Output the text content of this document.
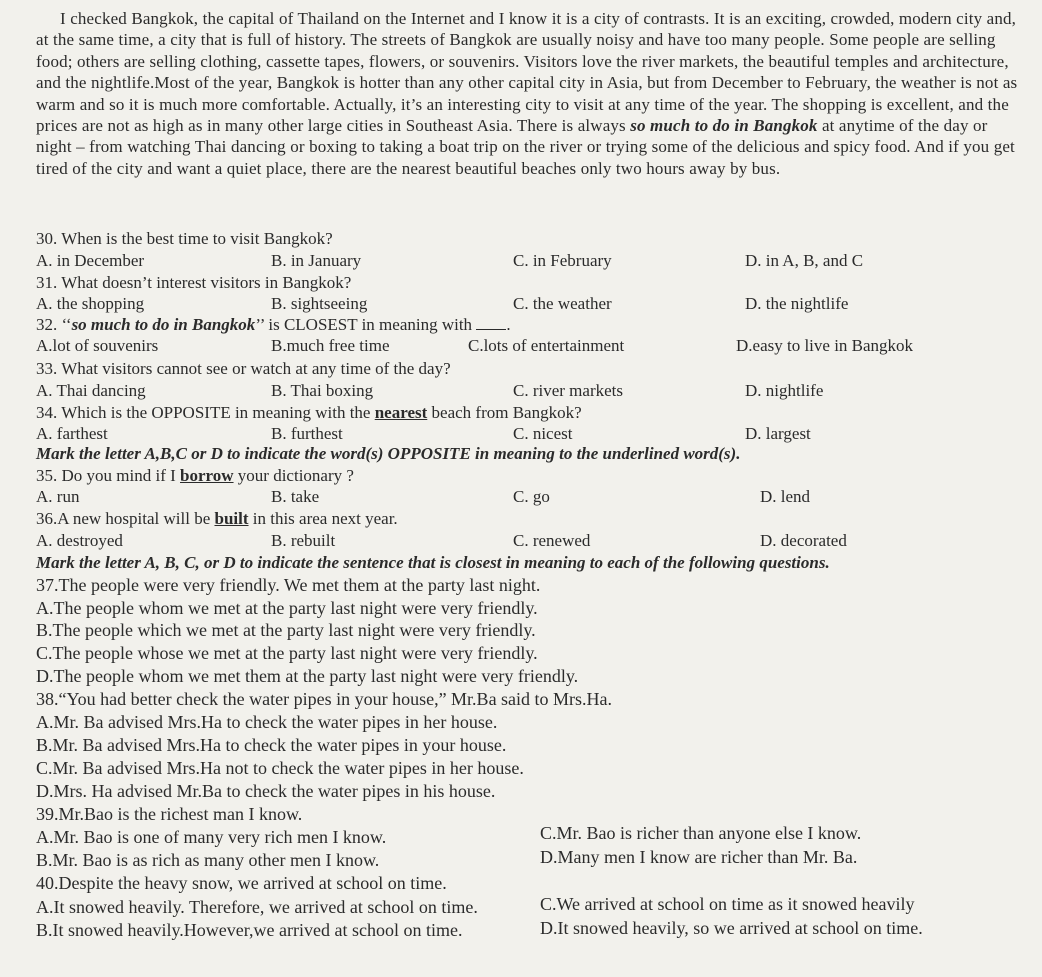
I checked Bangkok, the capital of Thailand on the Internet and I know it is a city of contrasts. It is an exciting, crowded, modern city and, at the same time, a city that is full of history. The streets of Bangkok are usually noisy and have too many people. Some people are selling food; others are selling clothing, cassette tapes, flowers, or souvenirs. Visitors love the river markets, the beautiful temples and architecture, and the nightlife.Most of the year, Bangkok is hotter than any other capital city in Asia, but from December to February, the weather is not as warm and so it is much more comfortable. Actually, it’s an interesting city to visit at any time of the year. The shopping is excellent, and the prices are not as high as in many other large cities in Southeast Asia. There is always so much to do in Bangkok at anytime of the day or night – from watching Thai dancing or boxing to taking a boat trip on the river or trying some of the delicious and spicy food. And if you get tired of the city and want a quiet place, there are the nearest beautiful beaches only two hours away by bus.
30. When is the best time to visit Bangkok?
A. in December	B. in January	C. in February	D. in A, B, and C
31. What doesn’t interest visitors in Bangkok?
A. the shopping	B. sightseeing	C. the weather	D. the nightlife
32. ‘‘so much to do in Bangkok’’ is CLOSEST in meaning with .
A.lot of souvenirs	B.much free time	C.lots of entertainment	D.easy to live in Bangkok
33. What visitors cannot see or watch at any time of the day?
A. Thai dancing	B. Thai boxing	C. river markets	D. nightlife
34. Which is the OPPOSITE in meaning with the nearest beach from Bangkok?
A. farthest	B. furthest	C. nicest	D. largest
Mark the letter A,B,C or D to indicate the word(s) OPPOSITE in meaning to the underlined word(s).
35. Do you mind if I borrow your dictionary ?
A. run	B. take	C. go	D. lend
36.A new hospital will be built in this area next year.
A. destroyed	B. rebuilt	C. renewed	D. decorated
Mark the letter A, B, C, or D to indicate the sentence that is closest in meaning to each of the following questions.
37.The people were very friendly. We met them at the party last night.
A.The people whom we met at the party last night were very friendly.
B.The people which we met at the party last night were very friendly.
C.The people whose we met at the party last night were very friendly.
D.The people whom we met them at the party last night were very friendly.
38.“You had better check the water pipes in your house,” Mr.Ba said to Mrs.Ha.
A.Mr. Ba advised Mrs.Ha to check the water pipes in her house.
B.Mr. Ba advised Mrs.Ha to check the water pipes in your house.
C.Mr. Ba advised Mrs.Ha not to check the water pipes in her house.
D.Mrs. Ha advised Mr.Ba to check the water pipes in his house.
39.Mr.Bao is the richest man I know.
A.Mr. Bao is one of many very rich men I know.	C.Mr. Bao is richer than anyone else I know.
B.Mr. Bao is as rich as many other men I know.	D.Many men I know are richer than Mr. Ba.
40.Despite the heavy snow, we arrived at school on time.
A.It snowed heavily. Therefore, we arrived at school on time.	C.We arrived at school on time as it snowed heavily
B.It snowed heavily.However,we arrived at school on time.	D.It snowed heavily, so we arrived at school on time.
